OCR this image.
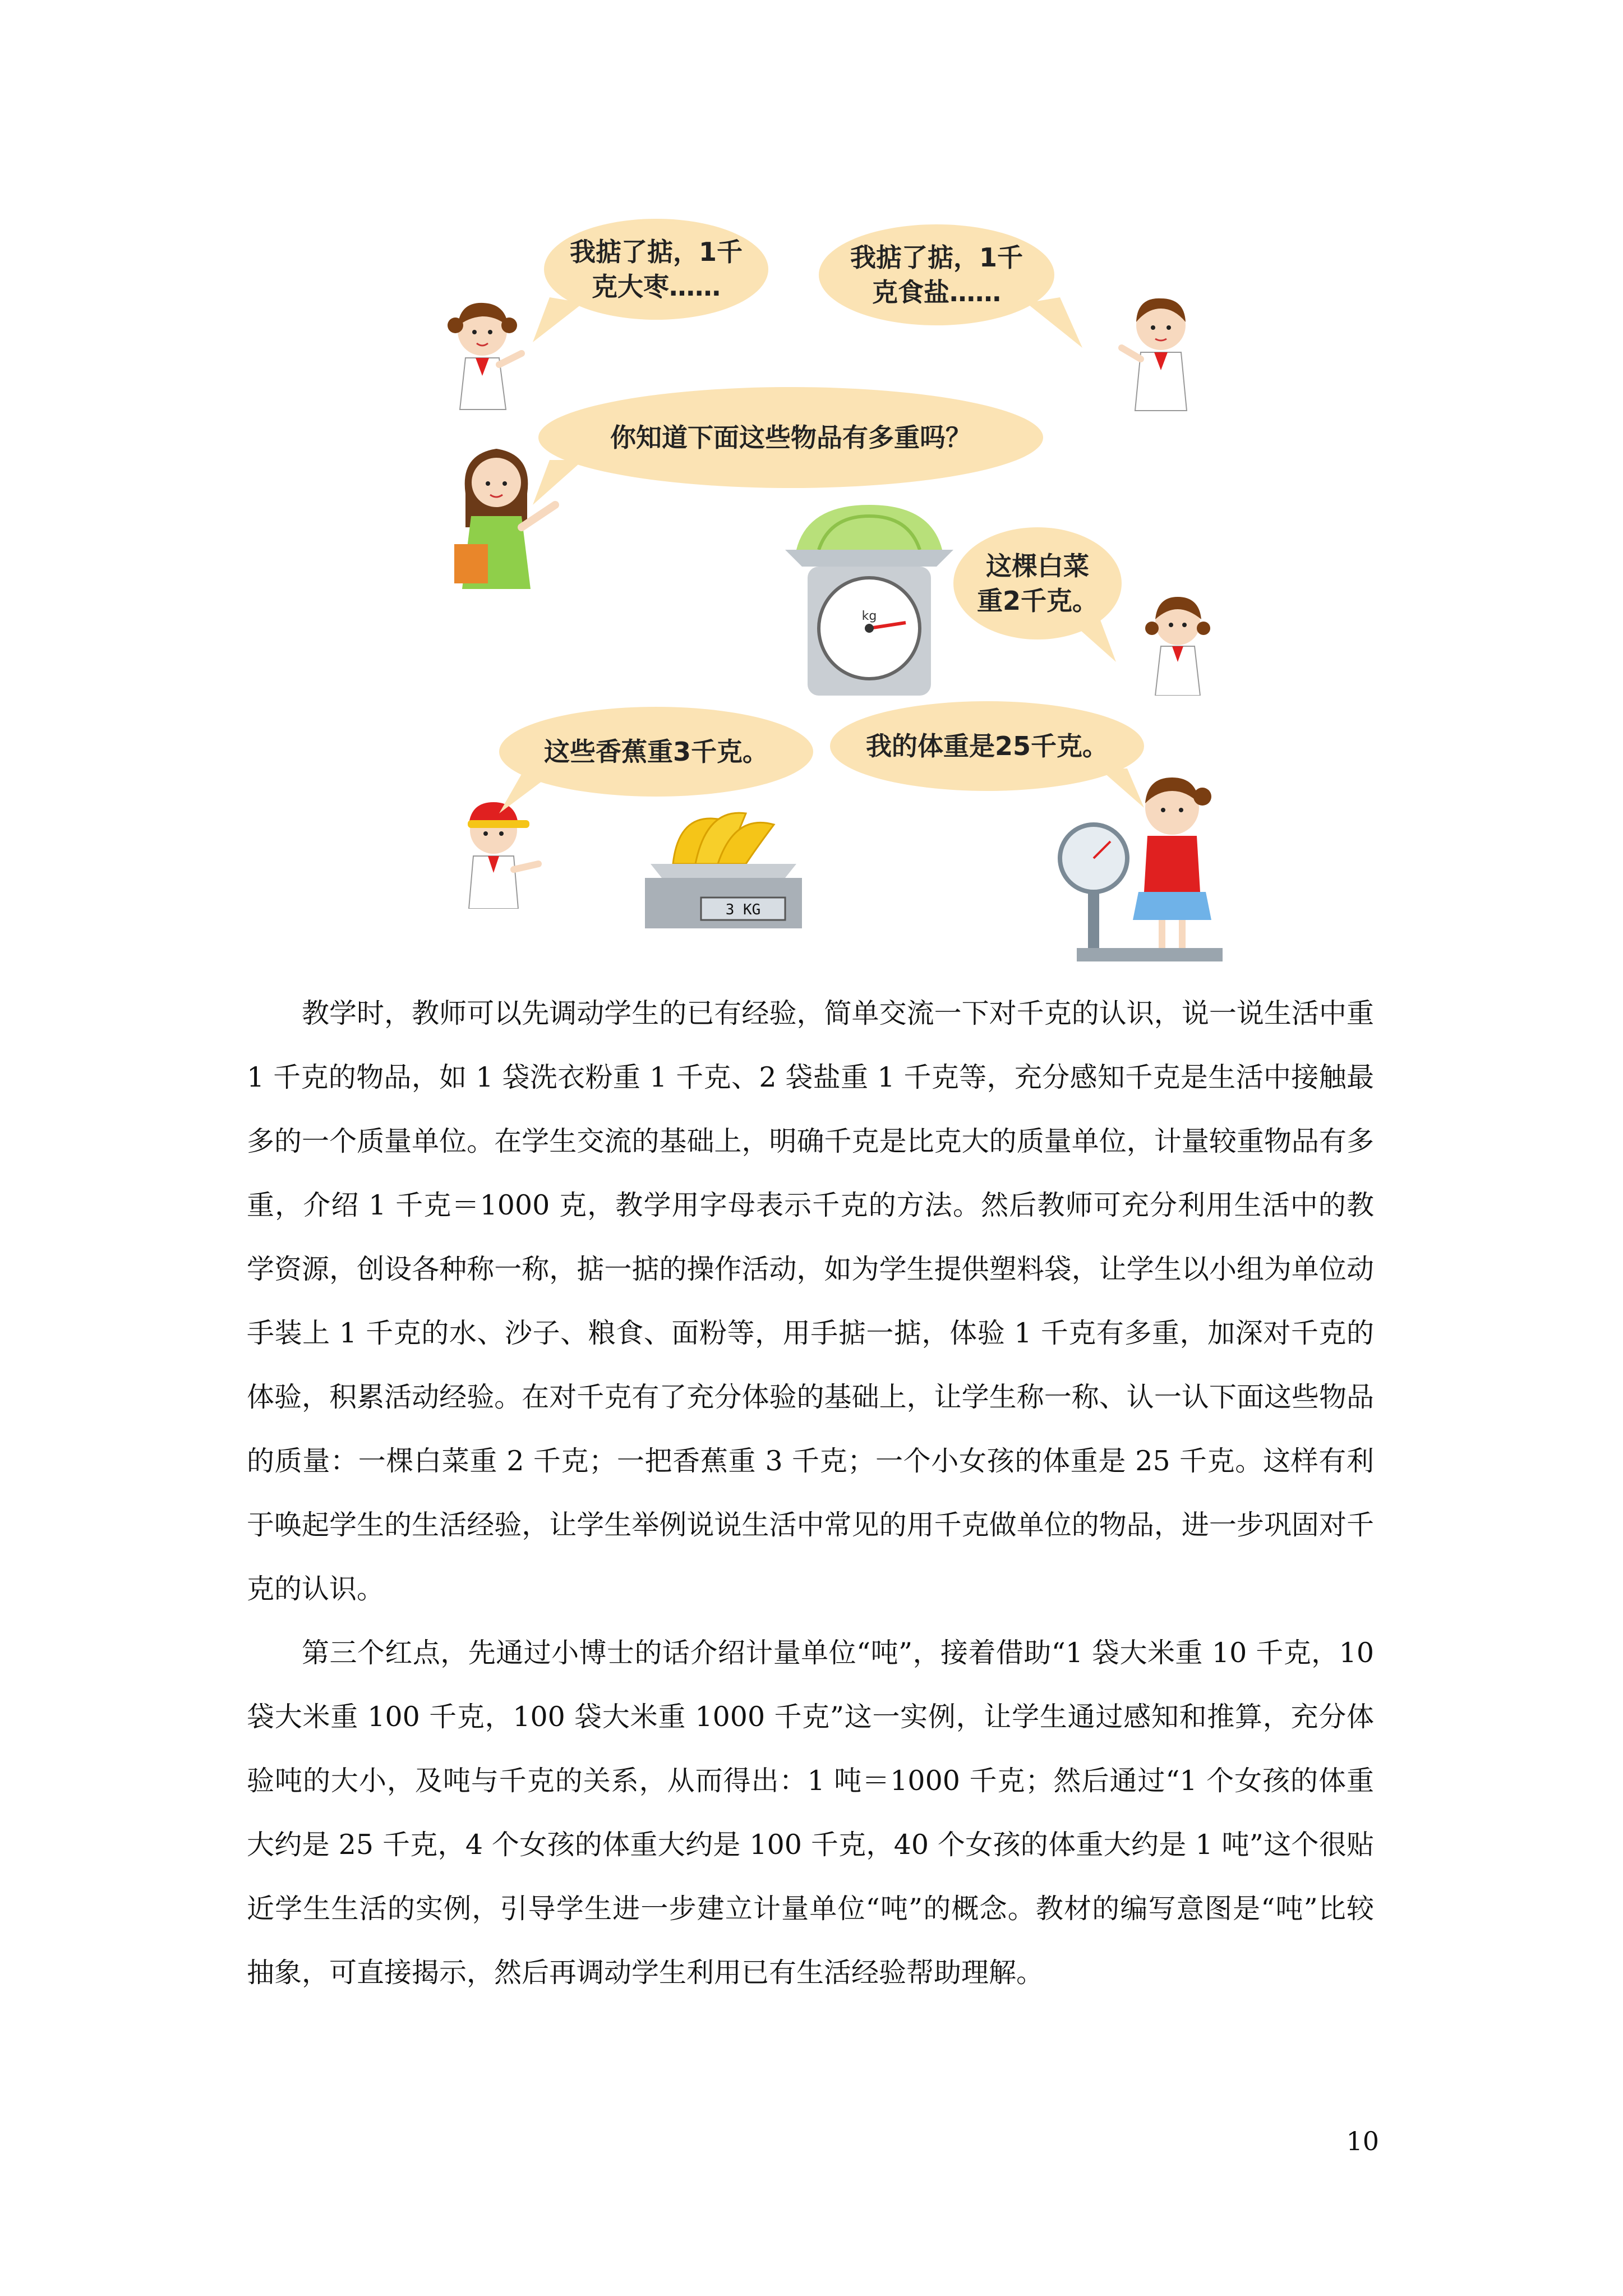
我掂了掂，1千
克大枣……
我掂了掂，1千
克食盐……
你知道下面这些物品有多重吗？
kg
这棵白菜
重2千克。
这些香蕉重3千克。
3 KG
我的体重是25千克。

教学时，教师可以先调动学生的已有经验，简单交流一下对千克的认识，说一说生活中重 1 千克的物品，如 1 袋洗衣粉重 1 千克、2 袋盐重 1 千克等，充分感知千克是生活中接触最多的一个质量单位。在学生交流的基础上，明确千克是比克大的质量单位，计量较重物品有多重，介绍 1 千克＝1000 克，教学用字母表示千克的方法。然后教师可充分利用生活中的教学资源，创设各种称一称，掂一掂的操作活动，如为学生提供塑料袋，让学生以小组为单位动手装上 1 千克的水、沙子、粮食、面粉等，用手掂一掂，体验 1 千克有多重，加深对千克的体验，积累活动经验。在对千克有了充分体验的基础上，让学生称一称、认一认下面这些物品的质量：一棵白菜重 2 千克；一把香蕉重 3 千克；一个小女孩的体重是 25 千克。这样有利于唤起学生的生活经验，让学生举例说说生活中常见的用千克做单位的物品，进一步巩固对千克的认识。

第三个红点，先通过小博士的话介绍计量单位“吨”，接着借助“1 袋大米重 10 千克，10 袋大米重 100 千克，100 袋大米重 1000 千克”这一实例，让学生通过感知和推算，充分体验吨的大小，及吨与千克的关系，从而得出：1 吨＝1000 千克；然后通过“1 个女孩的体重大约是 25 千克，4 个女孩的体重大约是 100 千克，40 个女孩的体重大约是 1 吨”这个很贴近学生生活的实例，引导学生进一步建立计量单位“吨”的概念。教材的编写意图是“吨”比较抽象，可直接揭示，然后再调动学生利用已有生活经验帮助理解。

10
